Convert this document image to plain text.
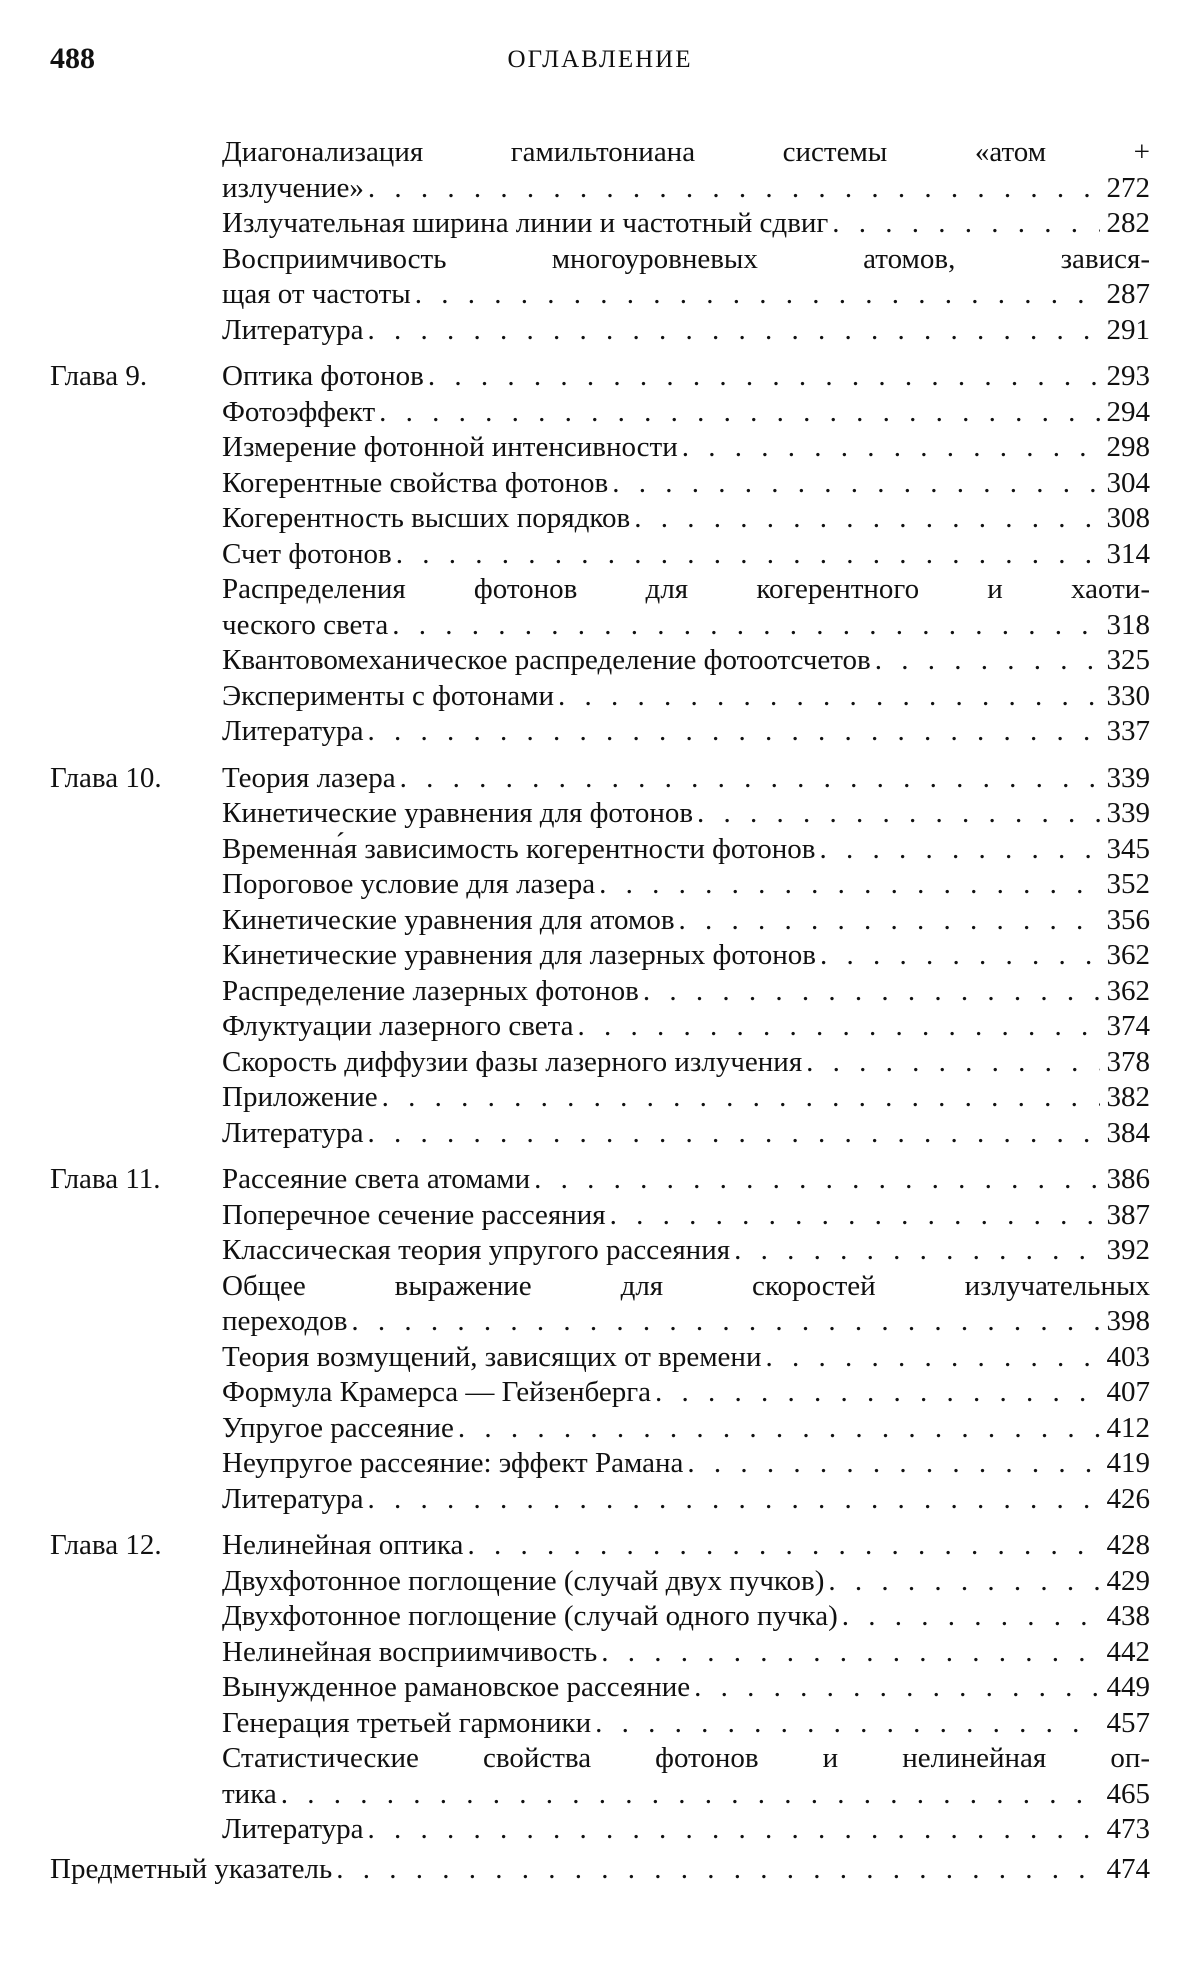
488	ОГЛАВЛЕНИЕ
Диагонализация гамильтониана системы «атом +
излучение» . . .	272
Излучательная ширина линии и частотный сдвиг . . .	282
Восприимчивость многоуровневых атомов, завися-
щая от частоты . . .	287
Литература . . .	291
Глава 9.	Оптика фотонов . . .	293
Фотоэффект . . .	294
Измерение фотонной интенсивности . . .	298
Когерентные свойства фотонов . . .	304
Когерентность высших порядков . . .	308
Счет фотонов . . .	314
Распределения фотонов для когерентного и хаоти-
ческого света . . .	318
Квантовомеханическое распределение фотоотсчетов . . .	325
Эксперименты с фотонами . . .	330
Литература . . .	337
Глава 10.	Теория лазера . . .	339
Кинетические уравнения для фотонов . . .	339
Временна́я зависимость когерентности фотонов . . .	345
Пороговое условие для лазера . . .	352
Кинетические уравнения для атомов . . .	356
Кинетические уравнения для лазерных фотонов . . .	362
Распределение лазерных фотонов . . .	362
Флуктуации лазерного света . . .	374
Скорость диффузии фазы лазерного излучения . . .	378
Приложение . . .	382
Литература . . .	384
Глава 11.	Рассеяние света атомами . . .	386
Поперечное сечение рассеяния . . .	387
Классическая теория упругого рассеяния . . .	392
Общее выражение для скоростей излучательных
переходов . . .	398
Теория возмущений, зависящих от времени . . .	403
Формула Крамерса — Гейзенберга . . .	407
Упругое рассеяние . . .	412
Неупругое рассеяние: эффект Рамана . . .	419
Литература . . .	426
Глава 12.	Нелинейная оптика . . .	428
Двухфотонное поглощение (случай двух пучков) . . .	429
Двухфотонное поглощение (случай одного пучка) . . .	438
Нелинейная восприимчивость . . .	442
Вынужденное рамановское рассеяние . . .	449
Генерация третьей гармоники . . .	457
Статистические свойства фотонов и нелинейная оп-
тика . . .	465
Литература . . .	473
Предметный указатель . . .	474
